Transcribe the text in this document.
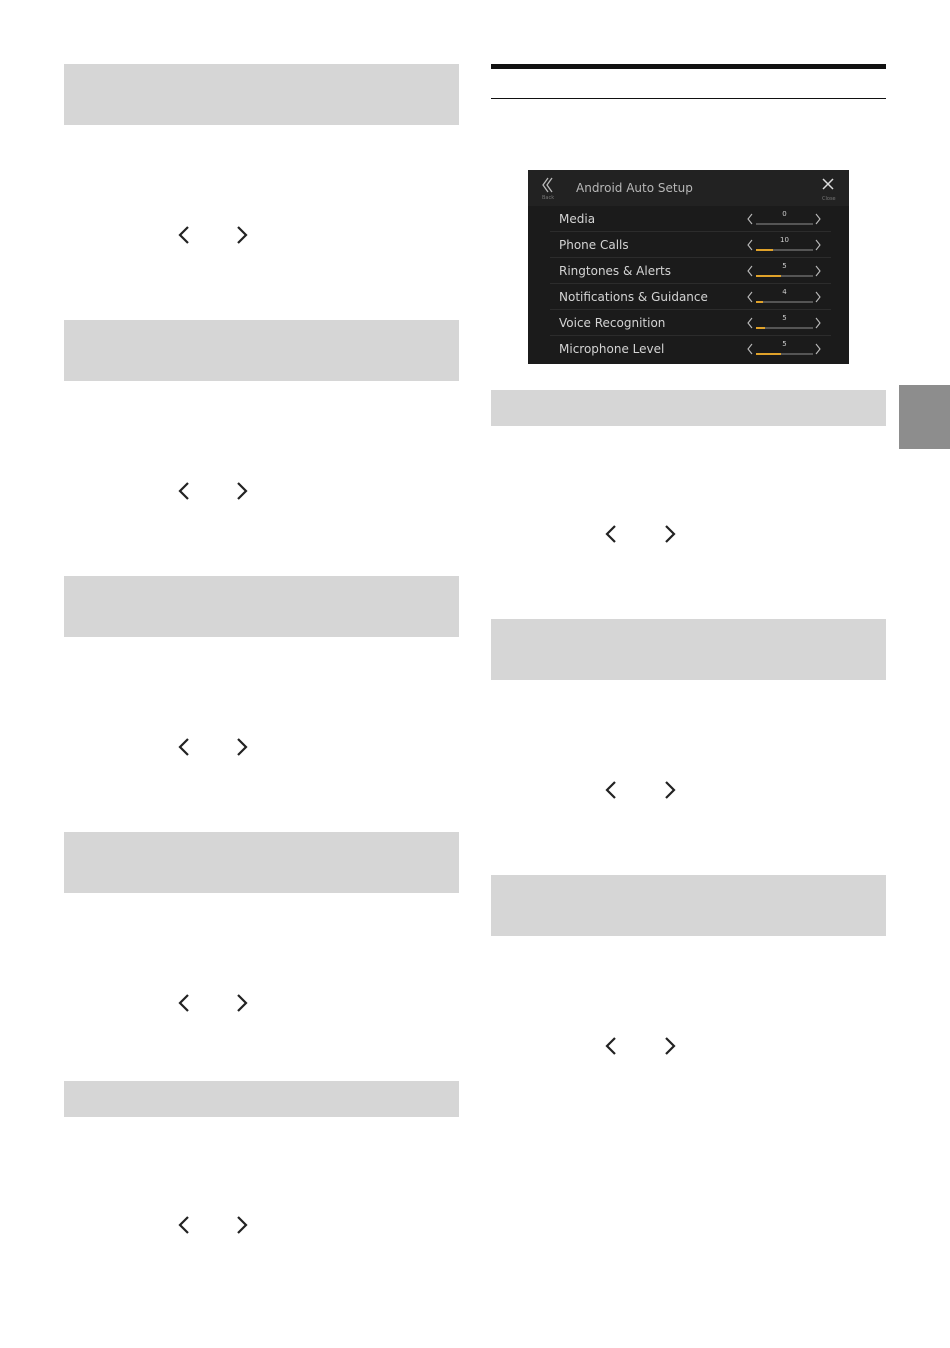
Back
Android Auto Setup
Close
Media	0
Phone Calls	10
Ringtones & Alerts	5
Notifications & Guidance	4
Voice Recognition	5
Microphone Level	5
